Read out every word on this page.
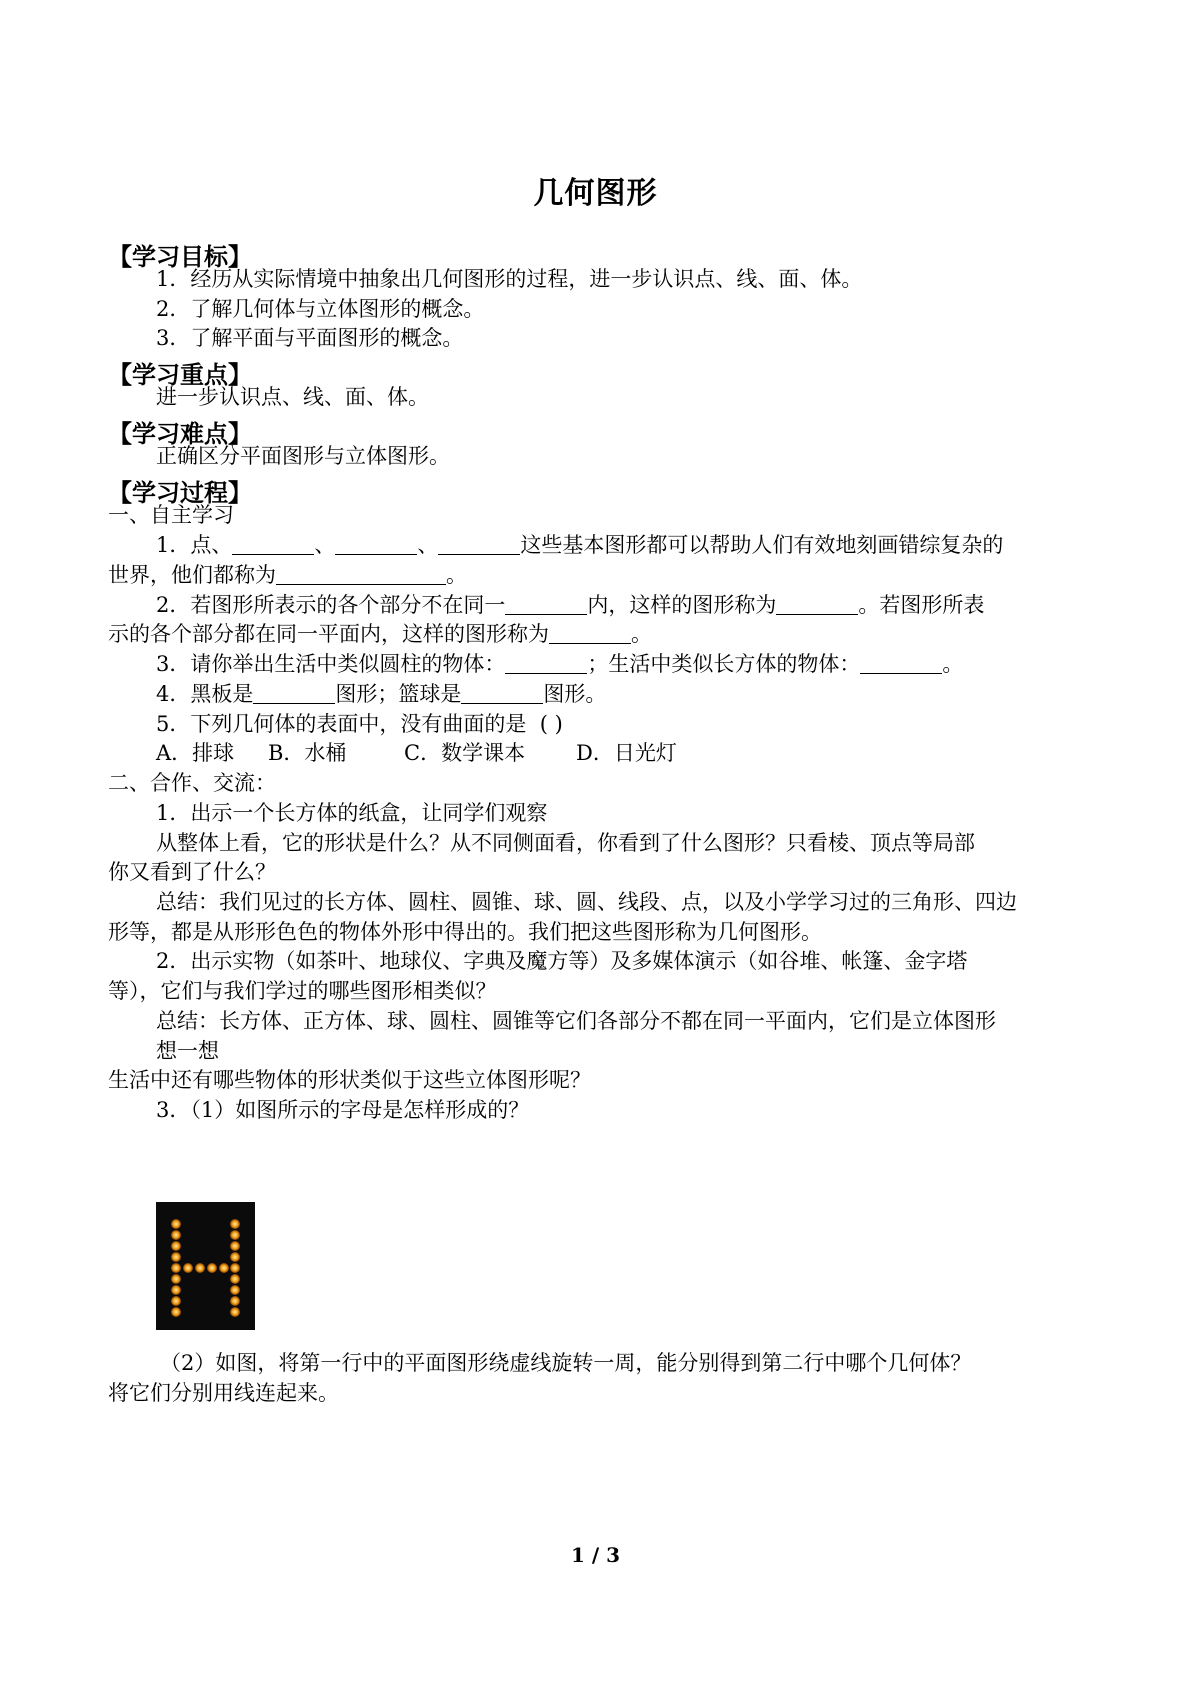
几何图形
【学习目标】
1．经历从实际情境中抽象出几何图形的过程，进一步认识点、线、面、体。
2．了解几何体与立体图形的概念。
3．了解平面与平面图形的概念。
【学习重点】
进一步认识点、线、面、体。
【学习难点】
正确区分平面图形与立体图形。
【学习过程】
一、自主学习
1．点、	、	、	这些基本图形都可以帮助人们有效地刻画错综复杂的
世界，他们都称为	。
2．若图形所表示的各个部分不在同一	内，这样的图形称为	。若图形所表
示的各个部分都在同一平面内，这样的图形称为	。
3．请你举出生活中类似圆柱的物体：	；生活中类似长方体的物体：	。
4．黑板是	图形；篮球是	图形。
5．下列几何体的表面中，没有曲面的是 ( )
A．排球 B．水桶	C．数学课本 D．日光灯
二、合作、交流：
1．出示一个长方体的纸盒，让同学们观察
从整体上看，它的形状是什么？从不同侧面看，你看到了什么图形？只看棱、顶点等局部
你又看到了什么？
总结：我们见过的长方体、圆柱、圆锥、球、圆、线段、点，以及小学学习过的三角形、四边
形等，都是从形形色色的物体外形中得出的。我们把这些图形称为几何图形。
2．出示实物（如茶叶、地球仪、字典及魔方等）及多媒体演示（如谷堆、帐篷、金字塔
等），它们与我们学过的哪些图形相类似？
总结：长方体、正方体、球、圆柱、圆锥等它们各部分不都在同一平面内，它们是立体图形
想一想
生活中还有哪些物体的形状类似于这些立体图形呢？
3．（1）如图所示的字母是怎样形成的？
（2）如图，将第一行中的平面图形绕虚线旋转一周，能分别得到第二行中哪个几何体？
将它们分别用线连起来。
1 / 3
